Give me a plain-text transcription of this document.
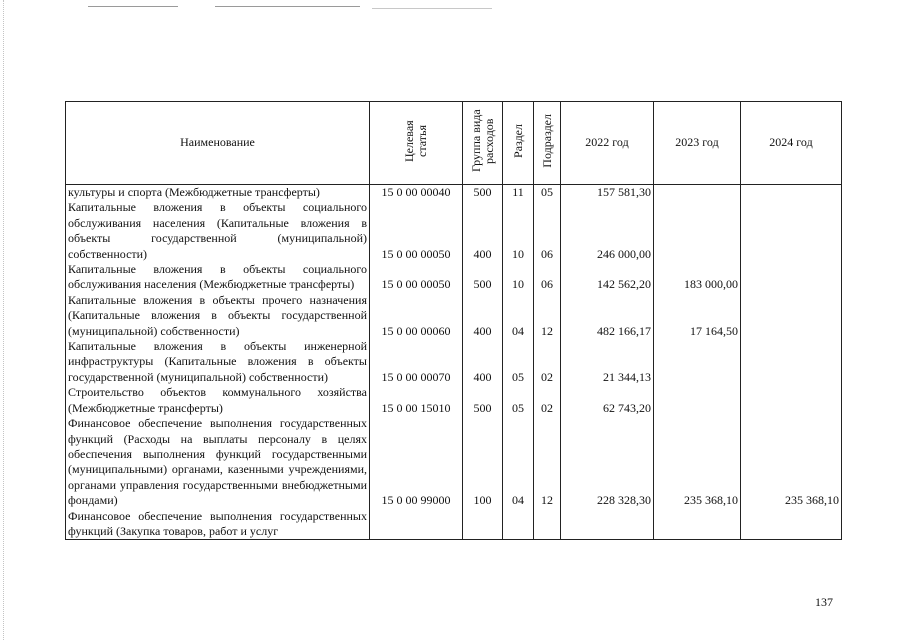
Наименование	Целевая статья	Группа вида расходов	Раздел	Подраздел	2022 год	2023 год	2024 год
культуры и спорта (Межбюджетные трансферты)	15 0 00 00040	500	11	05	157 581,30		
Капитальные вложения в объекты социального обслуживания населения (Капитальные вложения в объекты государственной (муниципальной) собственности)	15 0 00 00050	400	10	06	246 000,00		
Капитальные вложения в объекты социального обслуживания населения (Межбюджетные трансферты)	15 0 00 00050	500	10	06	142 562,20	183 000,00	
Капитальные вложения в объекты прочего назначения (Капитальные вложения в объекты государственной (муниципальной) собственности)	15 0 00 00060	400	04	12	482 166,17	17 164,50	
Капитальные вложения в объекты инженерной инфраструктуры (Капитальные вложения в объекты государственной (муниципальной) собственности)	15 0 00 00070	400	05	02	21 344,13		
Строительство объектов коммунального хозяйства (Межбюджетные трансферты)	15 0 00 15010	500	05	02	62 743,20		
Финансовое обеспечение выполнения государственных функций (Расходы на выплаты персоналу в целях обеспечения выполнения функций государственными (муниципальными) органами, казенными учреждениями, органами управления государственными внебюджетными фондами)	15 0 00 99000	100	04	12	228 328,30	235 368,10	235 368,10
Финансовое обеспечение выполнения государственных функций (Закупка товаров, работ и услуг							
137
